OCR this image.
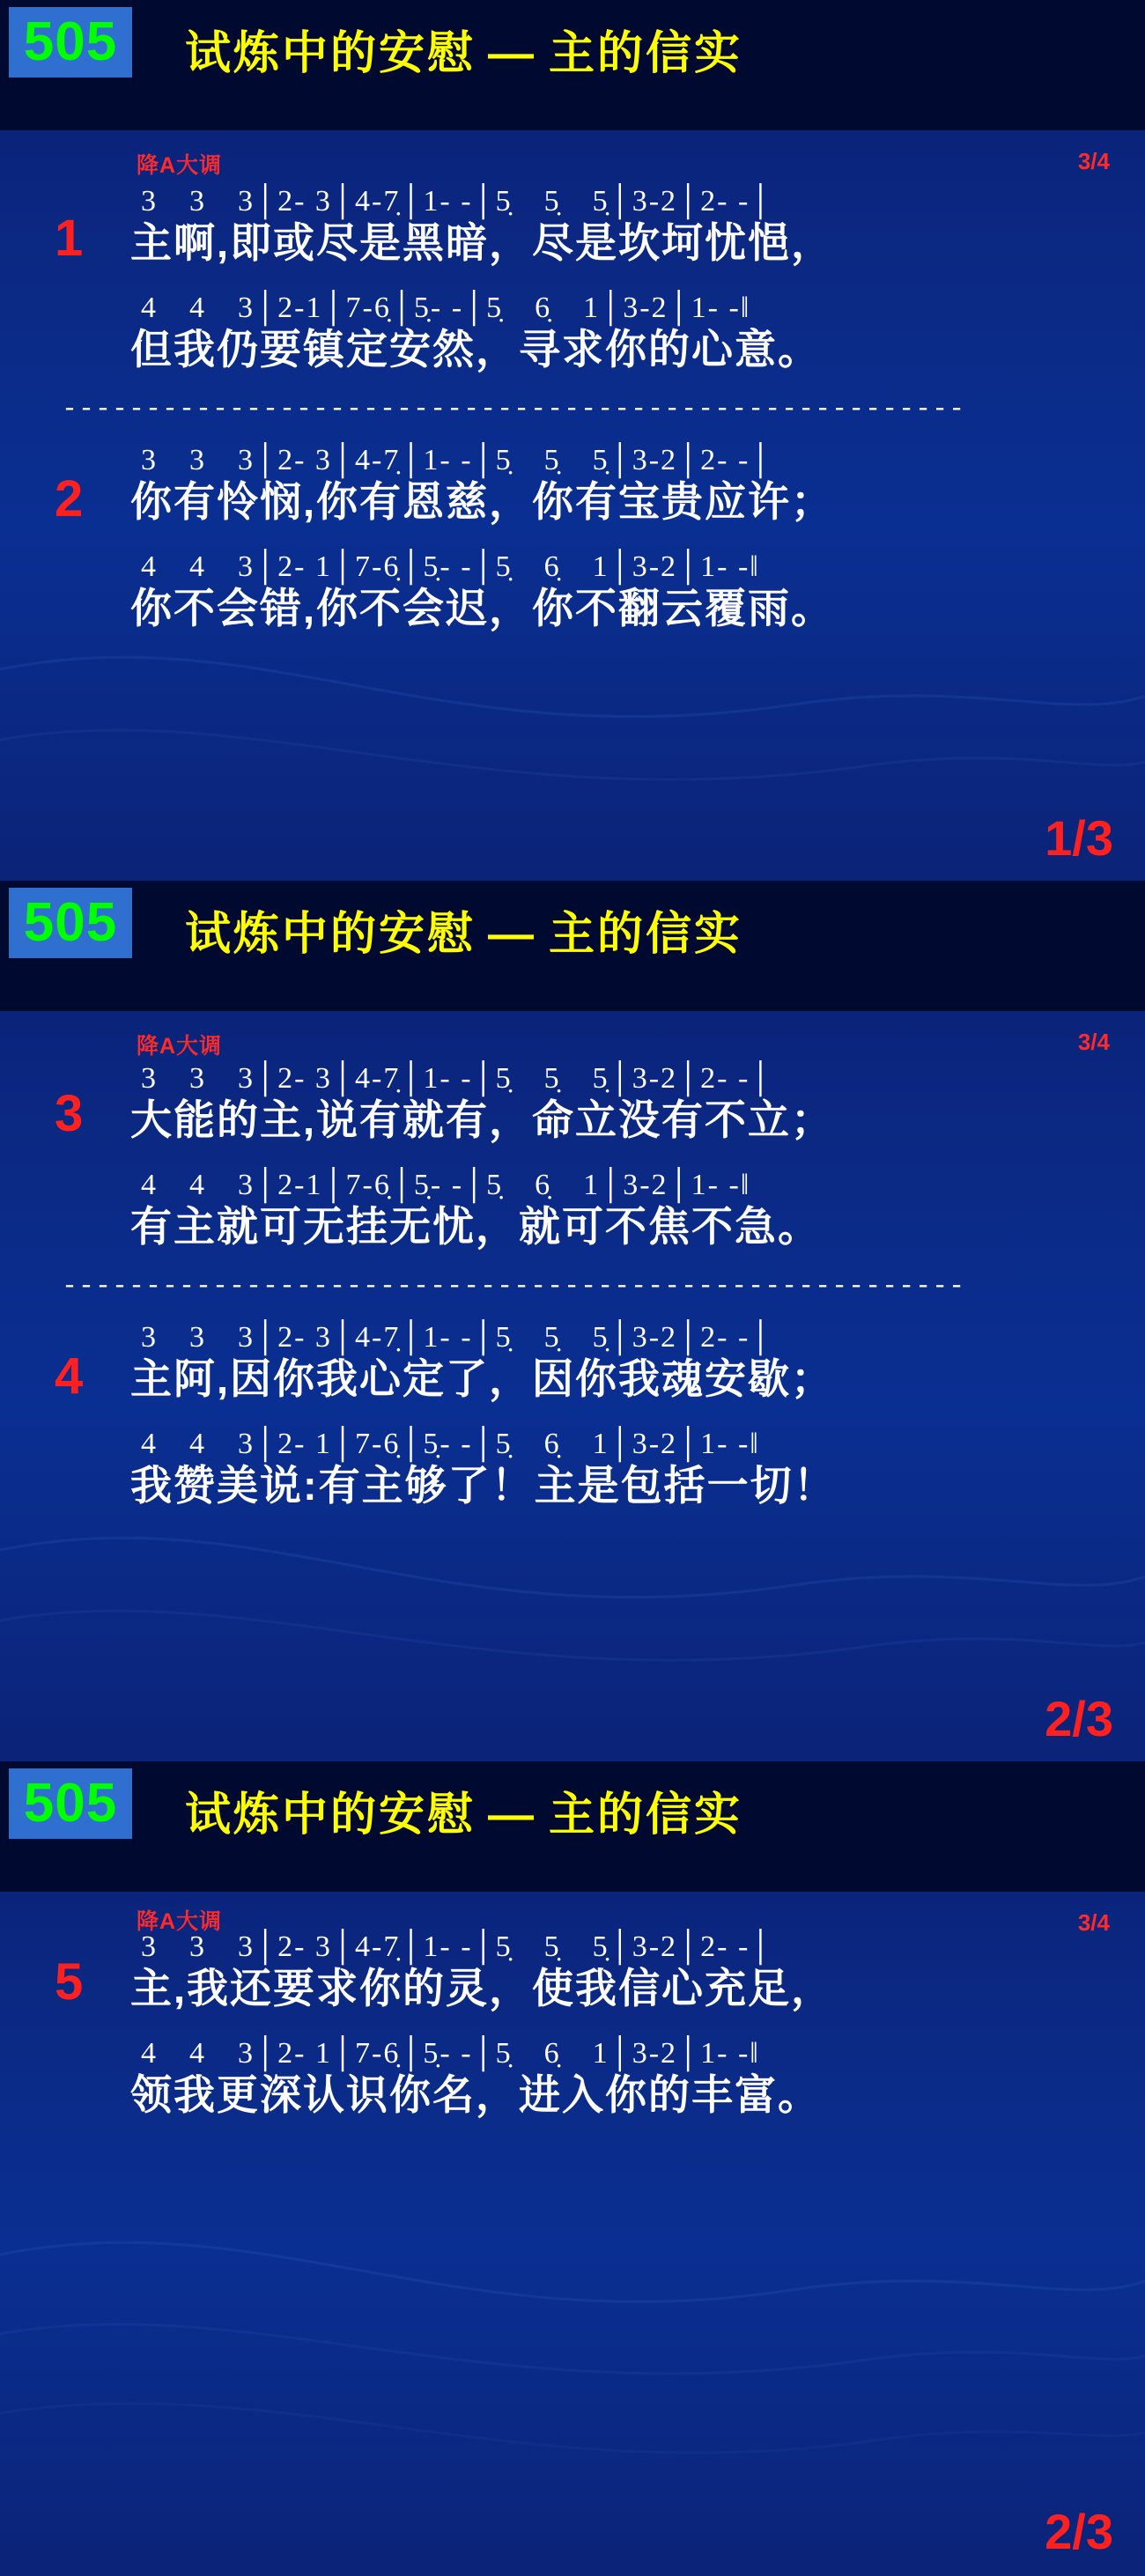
505	试炼中的安慰 — 主的信实
降A大调	3/4
1
3　3　3│2- 3│4-7̣│1- -│5̣　5̣　5̣│3-2│2- -│
主啊,即或尽是黑暗，尽是坎坷忧悒，
4　4　3│2-1│7-6̣│5̣- -│5̣　6̣　1│3-2│1- -‖
但我仍要镇定安然，寻求你的心意。
------------------------------------------------------
2
3　3　3│2- 3│4-7̣│1- -│5̣　5̣　5̣│3-2│2- -│
你有怜悯,你有恩慈，你有宝贵应许；
4　4　3│2- 1│7-6̣│5̣- -│5̣　6̣　1│3-2│1- -‖
你不会错,你不会迟，你不翻云覆雨。
1/3
505	试炼中的安慰 — 主的信实
降A大调	3/4
3
3　3　3│2- 3│4-7̣│1- -│5̣　5̣　5̣│3-2│2- -│
大能的主,说有就有，命立没有不立；
4　4　3│2-1│7-6̣│5̣- -│5̣　6̣　1│3-2│1- -‖
有主就可无挂无忧，就可不焦不急。
------------------------------------------------------
4
3　3　3│2- 3│4-7̣│1- -│5̣　5̣　5̣│3-2│2- -│
主阿,因你我心定了，因你我魂安歇；
4　4　3│2- 1│7-6̣│5̣- -│5̣　6̣　1│3-2│1- -‖
我赞美说:有主够了！主是包括一切！
2/3
505	试炼中的安慰 — 主的信实
降A大调	3/4
5
3　3　3│2- 3│4-7̣│1- -│5̣　5̣　5̣│3-2│2- -│
主,我还要求你的灵，使我信心充足，
4　4　3│2- 1│7-6̣│5̣- -│5̣　6̣　1│3-2│1- -‖
领我更深认识你名，进入你的丰富。
2/3
